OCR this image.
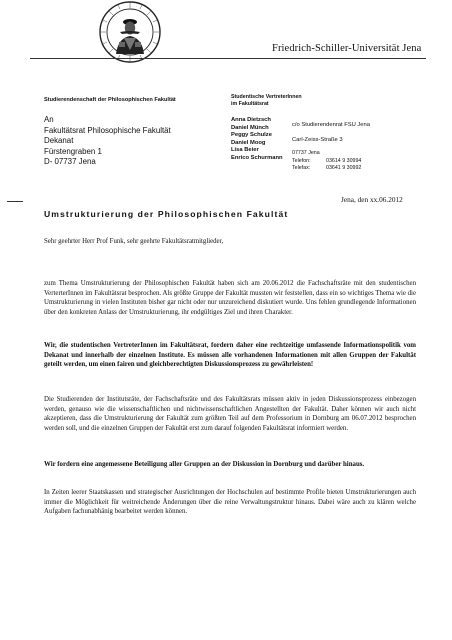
Friedrich-Schiller-Universität Jena
Studierendenschaft der Philosophischen Fakultät	Studentische VertreterInnen
im Fakultätsrat
An
Fakultätsrat Philosophische Fakultät
Dekanat
Fürstengraben 1
D- 07737 Jena
Anna Dietzsch
Daniel Münch
Peggy Schulze
Daniel Moog
Lisa Beier
Enrico Schurmann
c/o Studierendenrat FSU Jena
Carl-Zeiss-Straße 3
07737 Jena
Telefon:	03614 9 30994
Telefax:	03641 9 30992
Jena, den xx.06.2012
Umstrukturierung der Philosophischen Fakultät
Sehr geehrter Herr Prof Funk, sehr geehrte Fakultätsratmitglieder,
zum Thema Umstrukturierung der Philosophischen Fakultät haben sich am 20.06.2012 die Fachschaftsräte mit den studentischen VerterterInnen im Fakultätsrat besprochen. Als größte Gruppe der Fakultät mussten wir feststellen, dass ein so wichtiges Thema wie die Umstrukturierung in vielen Instituten bisher gar nicht oder nur unzureichend diskutiert wurde. Uns fehlen grundlegende Informationen über den konkreten Anlass der Umstrukturierung, ihr endgültiges Ziel und ihren Charakter.
Wir, die studentischen VertreterInnen im Fakultätsrat, fordern daher eine rechtzeitige umfassende Informationspolitik vom Dekanat und innerhalb der einzelnen Institute. Es müssen alle vorhandenen Informationen mit allen Gruppen der Fakultät geteilt werden, um einen fairen und gleichberechtigten Diskussionsprozess zu gewährleisten!
Die Studierenden der Institutsräte, der Fachschaftsräte und des Fakultätsrats müssen aktiv in jeden Diskussionsprozess einbezogen werden, genauso wie die wissenschaftlichen und nichtwissenschaftlichen Angestellten der Fakultät. Daher können wir auch nicht akzeptieren, dass die Umstrukturierung der Fakultät zum größten Teil auf dem Professorium in Dornburg am 06.07.2012 besprochen werden soll, und die einzelnen Gruppen der Fakultät erst zum darauf folgenden Fakultätsrat informiert werden.
Wir fordern eine angemessene Beteiligung aller Gruppen an der Diskussion in Dornburg und darüber hinaus.
In Zeiten leerer Staatskassen und strategischer Ausrichtungen der Hochschulen auf bestimmte Profile bieten Umstrukturierungen auch immer die Möglichkeit für weitreichende Änderungen über die reine Verwaltungstruktur hinaus. Dabei wäre auch zu klären welche Aufgaben fachunabhänig bearbeitet werden können.
